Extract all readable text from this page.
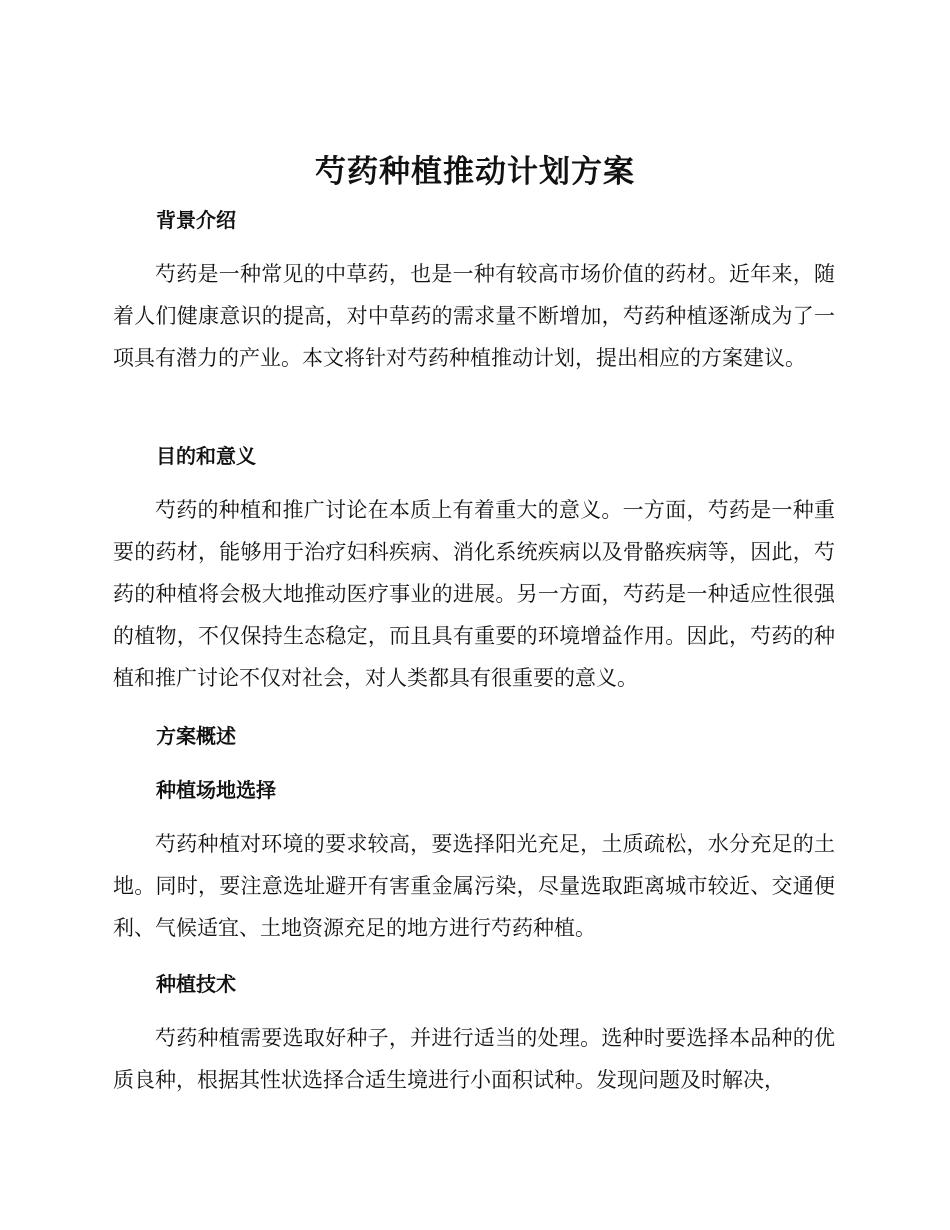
芍药种植推动计划方案
背景介绍

芍药是一种常见的中草药，也是一种有较高市场价值的药材。近年来，随着人们健康意识的提高，对中草药的需求量不断增加，芍药种植逐渐成为了一项具有潜力的产业。本文将针对芍药种植推动计划，提出相应的方案建议。

目的和意义

芍药的种植和推广讨论在本质上有着重大的意义。一方面，芍药是一种重要的药材，能够用于治疗妇科疾病、消化系统疾病以及骨骼疾病等，因此，芍药的种植将会极大地推动医疗事业的进展。另一方面，芍药是一种适应性很强的植物，不仅保持生态稳定，而且具有重要的环境增益作用。因此，芍药的种植和推广讨论不仅对社会，对人类都具有很重要的意义。

方案概述
种植场地选择

芍药种植对环境的要求较高，要选择阳光充足，土质疏松，水分充足的土地。同时，要注意选址避开有害重金属污染，尽量选取距离城市较近、交通便利、气候适宜、土地资源充足的地方进行芍药种植。

种植技术

芍药种植需要选取好种子，并进行适当的处理。选种时要选择本品种的优质良种，根据其性状选择合适生境进行小面积试种。发现问题及时解决，
